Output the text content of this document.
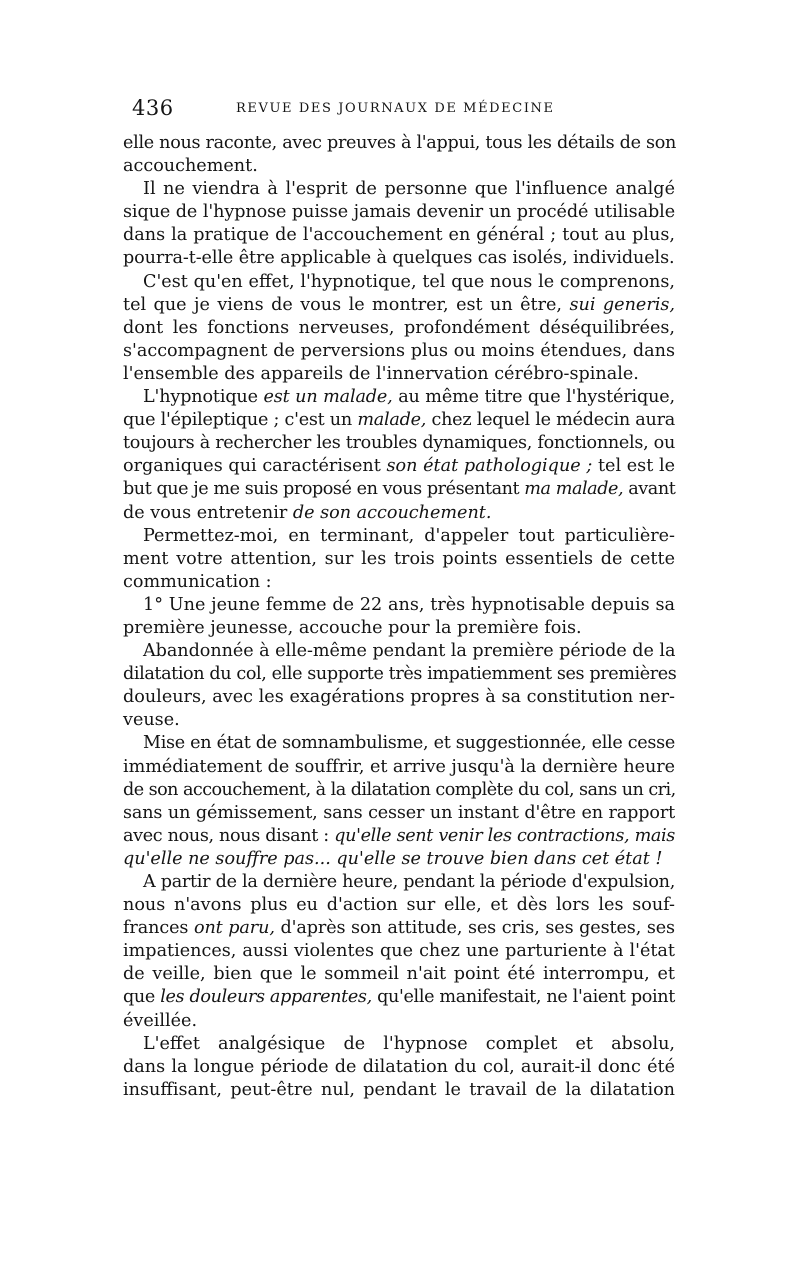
436	REVUE DES JOURNAUX DE MÉDECINE
elle nous raconte, avec preuves à l'appui, tous les détails de son
accouchement.
Il ne viendra à l'esprit de personne que l'influence analgé
sique de l'hypnose puisse jamais devenir un procédé utilisable
dans la pratique de l'accouchement en général ; tout au plus,
pourra-t-elle être applicable à quelques cas isolés, individuels.
C'est qu'en effet, l'hypnotique, tel que nous le comprenons,
tel que je viens de vous le montrer, est un être, sui generis,
dont les fonctions nerveuses, profondément déséquilibrées,
s'accompagnent de perversions plus ou moins étendues, dans
l'ensemble des appareils de l'innervation cérébro-spinale.
L'hypnotique est un malade, au même titre que l'hystérique,
que l'épileptique ; c'est un malade, chez lequel le médecin aura
toujours à rechercher les troubles dynamiques, fonctionnels, ou
organiques qui caractérisent son état pathologique ; tel est le
but que je me suis proposé en vous présentant ma malade, avant
de vous entretenir de son accouchement.
Permettez-moi, en terminant, d'appeler tout particulière-
ment votre attention, sur les trois points essentiels de cette
communication :
1° Une jeune femme de 22 ans, très hypnotisable depuis sa
première jeunesse, accouche pour la première fois.
Abandonnée à elle-même pendant la première période de la
dilatation du col, elle supporte très impatiemment ses premières
douleurs, avec les exagérations propres à sa constitution ner-
veuse.
Mise en état de somnambulisme, et suggestionnée, elle cesse
immédiatement de souffrir, et arrive jusqu'à la dernière heure
de son accouchement, à la dilatation complète du col, sans un cri,
sans un gémissement, sans cesser un instant d'être en rapport
avec nous, nous disant : qu'elle sent venir les contractions, mais
qu'elle ne souffre pas... qu'elle se trouve bien dans cet état !
A partir de la dernière heure, pendant la période d'expulsion,
nous n'avons plus eu d'action sur elle, et dès lors les souf-
frances ont paru, d'après son attitude, ses cris, ses gestes, ses
impatiences, aussi violentes que chez une parturiente à l'état
de veille, bien que le sommeil n'ait point été interrompu, et
que les douleurs apparentes, qu'elle manifestait, ne l'aient point
éveillée.
L'effet analgésique de l'hypnose complet et absolu,
dans la longue période de dilatation du col, aurait-il donc été
insuffisant, peut-être nul, pendant le travail de la dilatation
